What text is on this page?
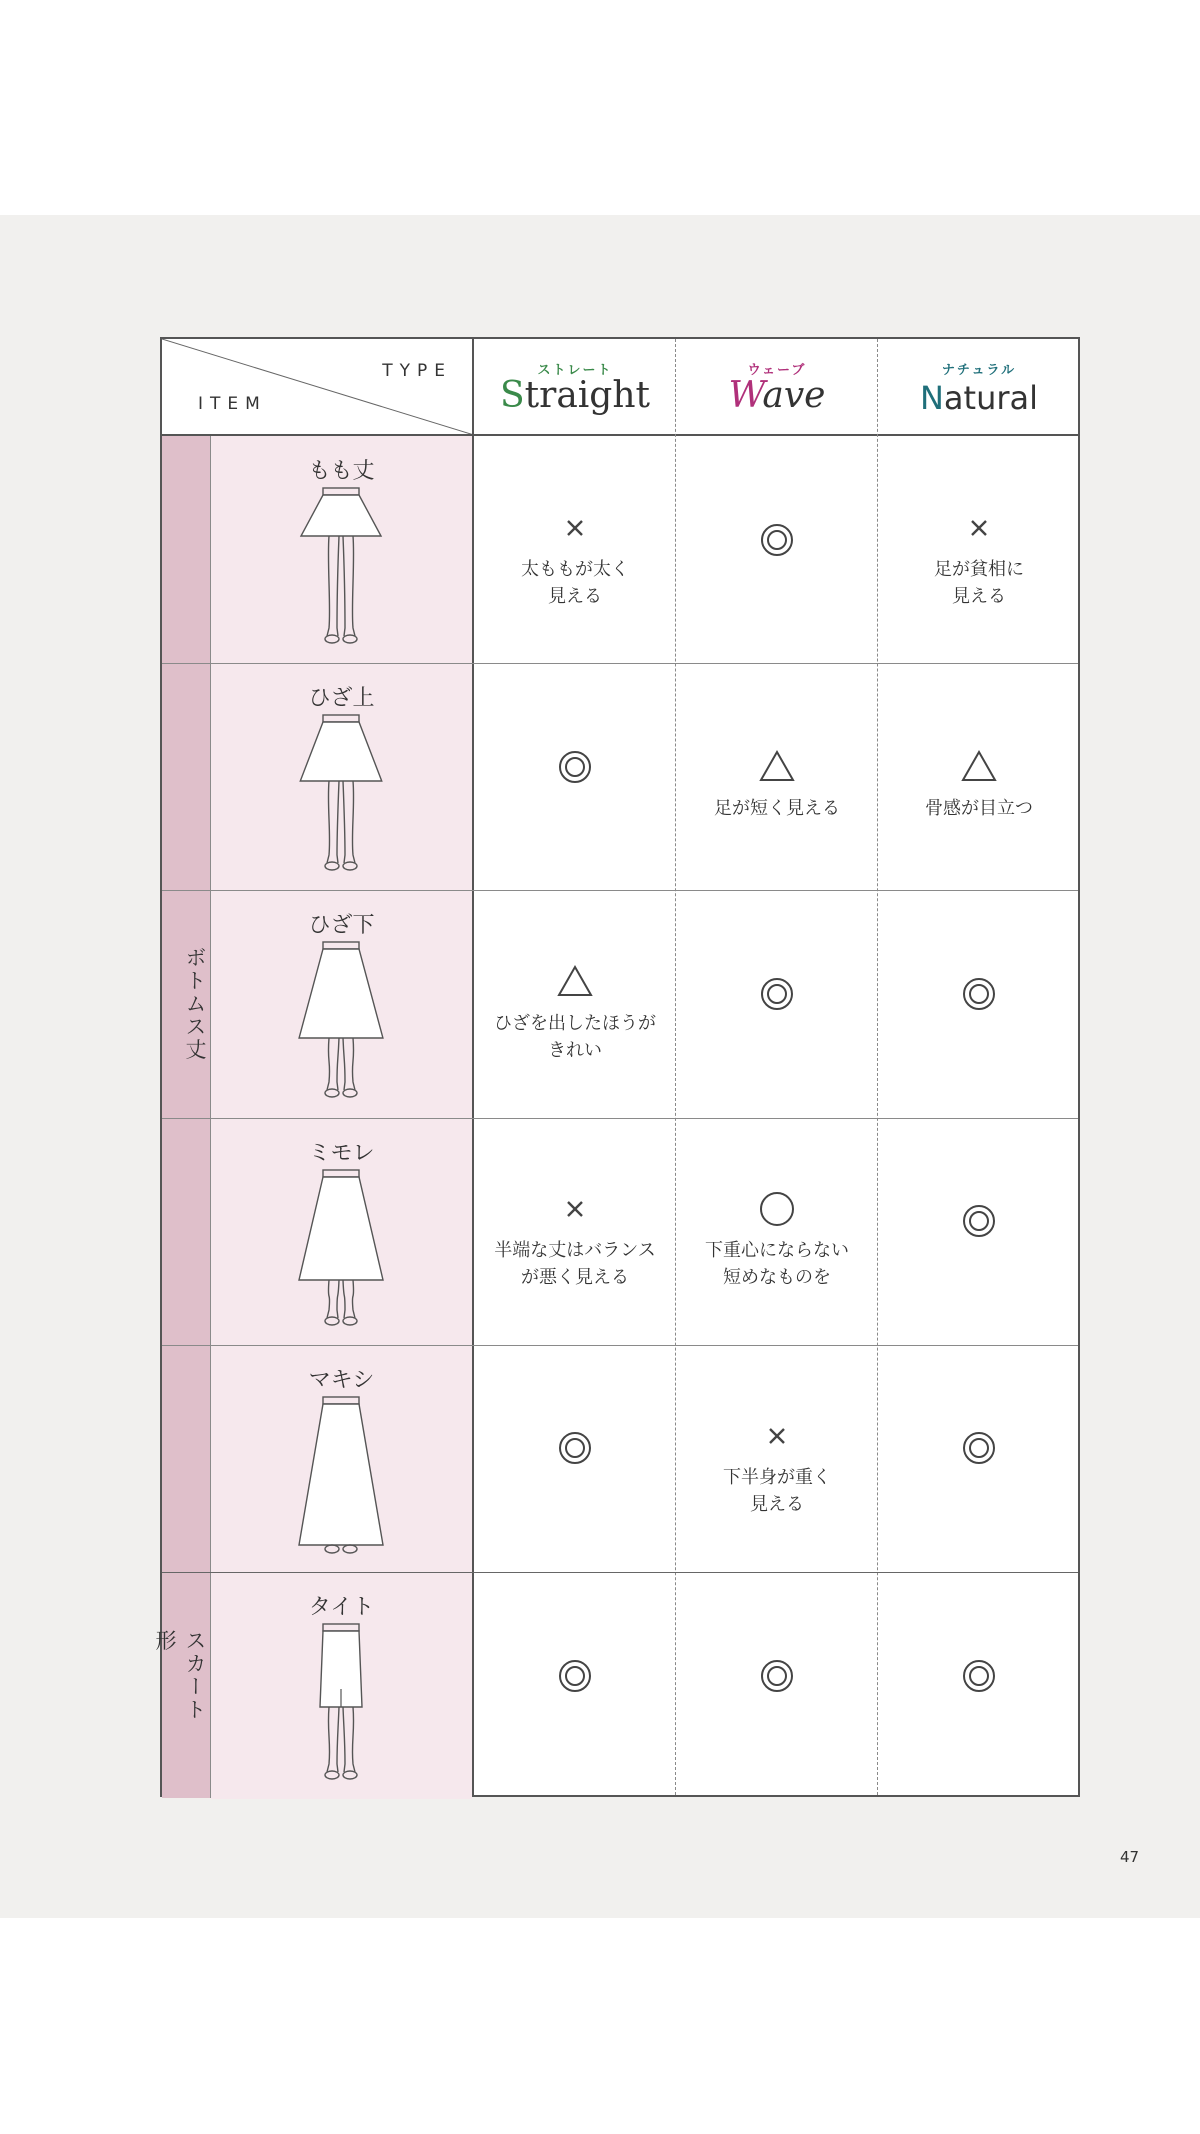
TYPE
ITEM
ストレート
Straight
ウェーブ
Wave
ナチュラル
Natural
ボトムス丈
スカート形
もも丈
太ももが太く
見える
足が貧相に
見える
ひざ上
足が短く見える	骨感が目立つ
ひざ下
ひざを出したほうが
きれい
ミモレ
半端な丈はバランス
が悪く見える
下重心にならない
短めなものを
マキシ
下半身が重く
見える
タイト
47
